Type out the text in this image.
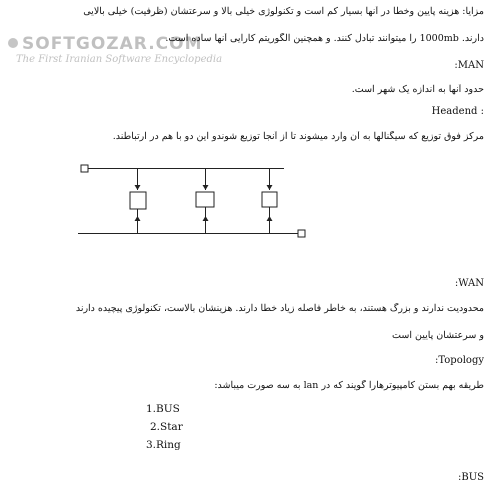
SOFTGOZAR.COM
The First Iranian Software Encyclopedia
مزایا: هزینه پایین وخطا در آنها بسیار کم است و تکنولوژی خیلی بالا و سرعتشان (ظرفیت) خیلی بالایی
دارند. 1000mb را میتوانند تبادل کنند. و همچنین الگوریتم کارایی آنها ساده است.
MAN:
حدود آنها به اندازه یک شهر است.
: Headend
مرکز فوق توزیع که سیگنالها به آن وارد میشوند تا از آنجا توزیع شوندو این دو با هم در ارتباطند.
WAN:
محدودیت ندارند و بزرگ هستند، به خاطر فاصله زیاد خطا دارند. هزینشان بالاست، تکنولوژی پیچیده دارند
و سرعتشان پایین است
Topology:
طریقه بهم بستن کامپیوترهارا گویند که در lan به سه صورت میباشد:
1.BUS
2.Star
3.Ring
BUS:
